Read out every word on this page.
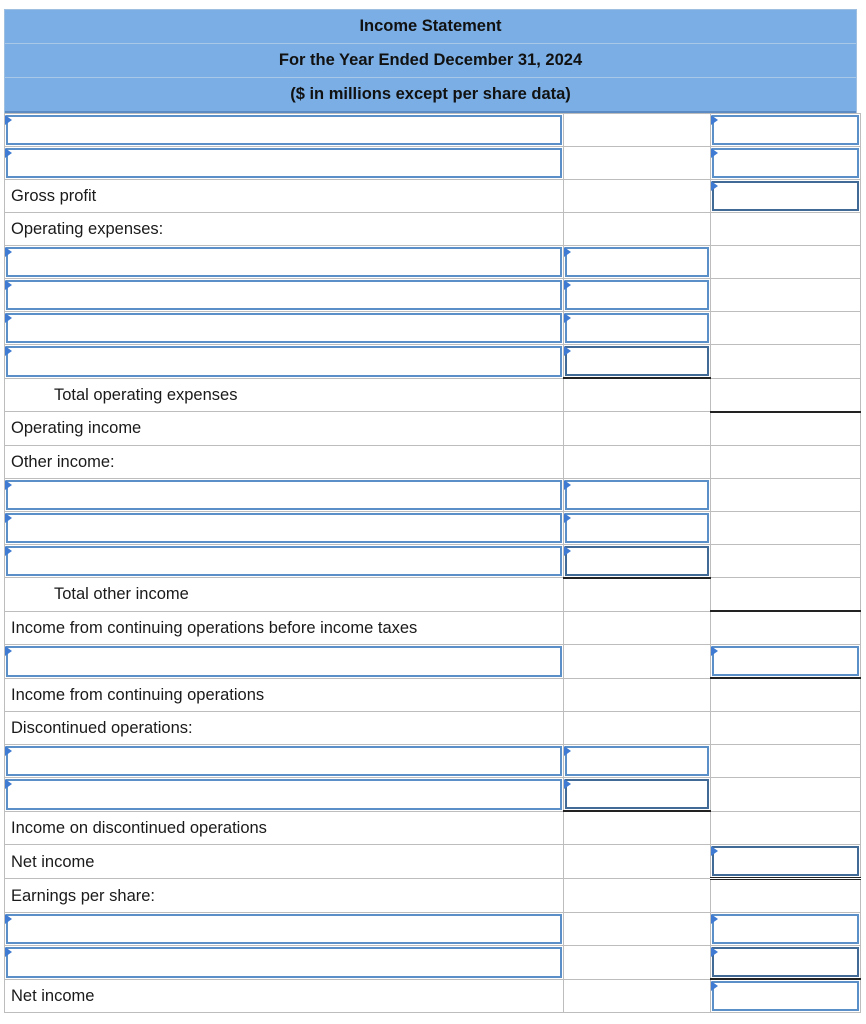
Income Statement
For the Year Ended December 31, 2024
($ in millions except per share data)

Gross profit		

Operating expenses:		

Total operating expenses		

Operating income		

Other income:		

Total other income		

Income from continuing operations before income taxes		

Income from continuing operations		

Discontinued operations:		

Income on discontinued operations		

Net income		

Earnings per share:		

Net income		
